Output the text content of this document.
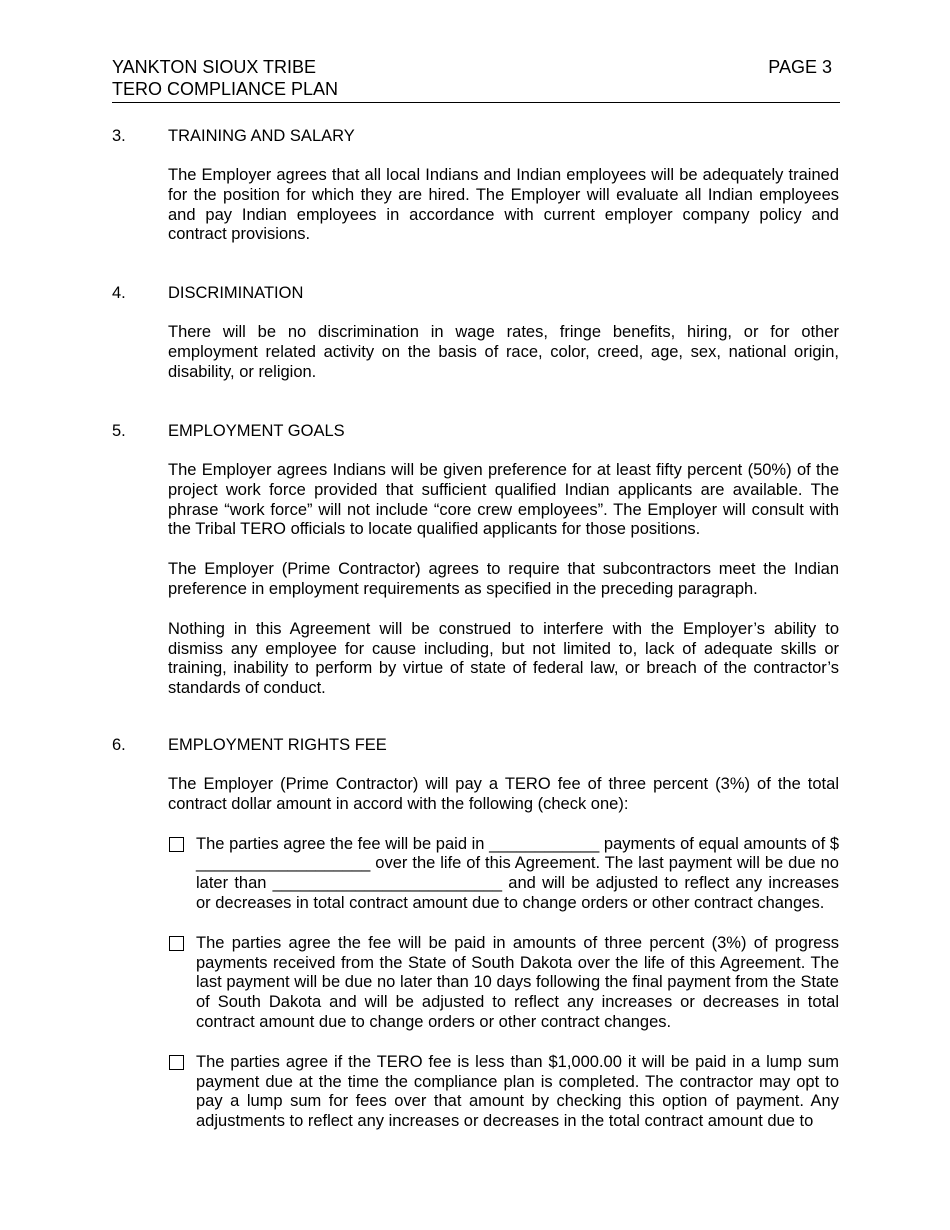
YANKTON SIOUX TRIBE
TERO COMPLIANCE PLAN
PAGE 3
3.	TRAINING AND SALARY
The Employer agrees that all local Indians and Indian employees will be adequately trained for the position for which they are hired. The Employer will evaluate all Indian employees and pay Indian employees in accordance with current employer company policy and contract provisions.
4.	DISCRIMINATION
There will be no discrimination in wage rates, fringe benefits, hiring, or for other employment related activity on the basis of race, color, creed, age, sex, national origin, disability, or religion.
5.	EMPLOYMENT GOALS
The Employer agrees Indians will be given preference for at least fifty percent (50%) of the project work force provided that sufficient qualified Indian applicants are available. The phrase “work force” will not include “core crew employees”. The Employer will consult with the Tribal TERO officials to locate qualified applicants for those positions.
The Employer (Prime Contractor) agrees to require that subcontractors meet the Indian preference in employment requirements as specified in the preceding paragraph.
Nothing in this Agreement will be construed to interfere with the Employer’s ability to dismiss any employee for cause including, but not limited to, lack of adequate skills or training, inability to perform by virtue of state of federal law, or breach of the contractor’s standards of conduct.
6.	EMPLOYMENT RIGHTS FEE
The Employer (Prime Contractor) will pay a TERO fee of three percent (3%) of the total contract dollar amount in accord with the following (check one):
The parties agree the fee will be paid in ____________ payments of equal amounts of $ ___________________ over the life of this Agreement. The last payment will be due no later than _________________________ and will be adjusted to reflect any increases or decreases in total contract amount due to change orders or other contract changes.
The parties agree the fee will be paid in amounts of three percent (3%) of progress payments received from the State of South Dakota over the life of this Agreement. The last payment will be due no later than 10 days following the final payment from the State of South Dakota and will be adjusted to reflect any increases or decreases in total contract amount due to change orders or other contract changes.
The parties agree if the TERO fee is less than $1,000.00 it will be paid in a lump sum payment due at the time the compliance plan is completed. The contractor may opt to pay a lump sum for fees over that amount by checking this option of payment. Any adjustments to reflect any increases or decreases in the total contract amount due to
